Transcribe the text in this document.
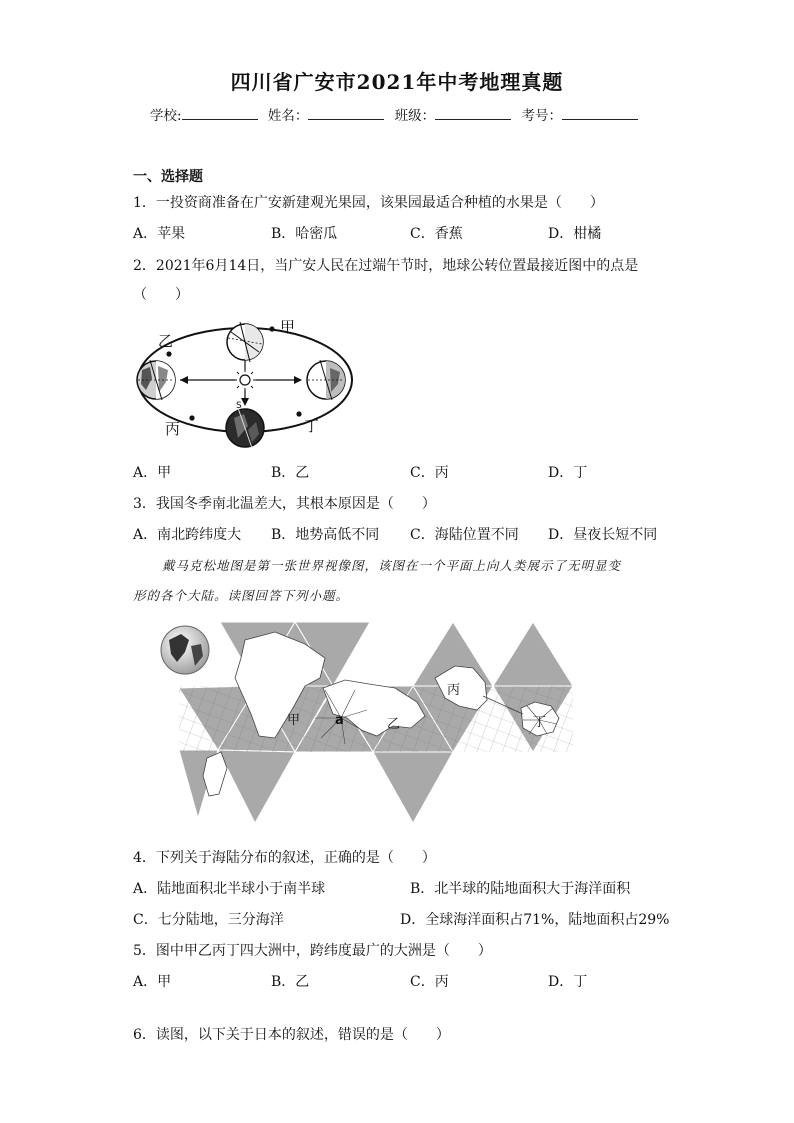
四川省广安市2021年中考地理真题
学校:	姓名：	班级：	考号：
一、选择题
1．一投资商准备在广安新建观光果园，该果园最适合种植的水果是（　　）
A．苹果	B．哈密瓜	C．香蕉	D．柑橘
2．2021年6月14日，当广安人民在过端午节时，地球公转位置最接近图中的点是
（　　）
S
甲
乙
丙	丁
A．甲	B．乙	C．丙	D．丁
3．我国冬季南北温差大，其根本原因是（　　）
A．南北跨纬度大 B．地势高低不同 C．海陆位置不同 D．昼夜长短不同
戴马克松地图是第一张世界视像图，该图在一个平面上向人类展示了无明显变
形的各个大陆。读图回答下列小题。
甲	a	乙
丙
丁
4．下列关于海陆分布的叙述，正确的是（　　）
A．陆地面积北半球小于南半球	B．北半球的陆地面积大于海洋面积
C．七分陆地，三分海洋	D．全球海洋面积占71%，陆地面积占29%
5．图中甲乙丙丁四大洲中，跨纬度最广的大洲是（　　）
A．甲	B．乙	C．丙	D．丁
6．读图，以下关于日本的叙述，错误的是（　　）
